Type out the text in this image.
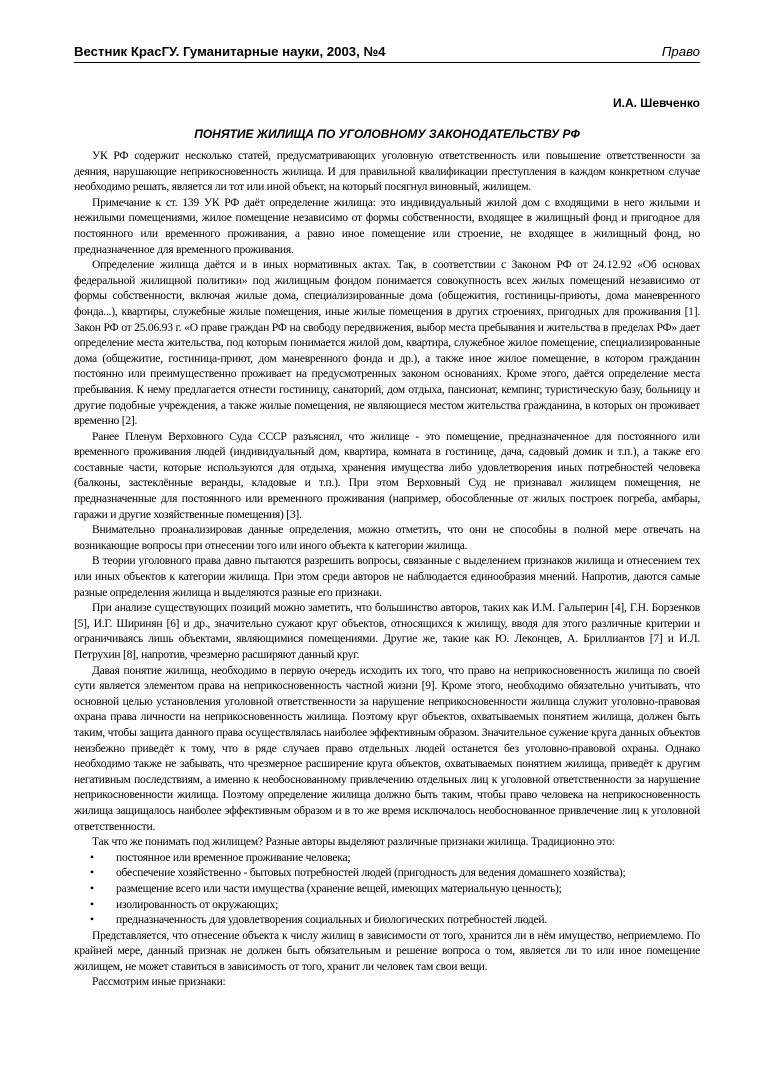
Вестник КрасГУ. Гуманитарные науки, 2003, №4	Право
И.А. Шевченко
ПОНЯТИЕ ЖИЛИЩА ПО УГОЛОВНОМУ ЗАКОНОДАТЕЛЬСТВУ РФ

УК РФ содержит несколько статей, предусматривающих уголовную ответственность или повышение ответственности за деяния, нарушающие неприкосновенность жилища. И для правильной квалификации преступления в каждом конкретном случае необходимо решать, является ли тот или иной объект, на который посягнул виновный, жилищем.

Примечание к ст. 139 УК РФ даёт определение жилища: это индивидуальный жилой дом с входящими в него жилыми и нежилыми помещениями, жилое помещение независимо от формы собственности, входящее в жилищный фонд и пригодное для постоянного или временного проживания, а равно иное помещение или строение, не входящее в жилищный фонд, но предназначенное для временного проживания.

Определение жилища даётся и в иных нормативных актах. Так, в соответствии с Законом РФ от 24.12.92 «Об основах федеральной жилищной политики» под жилищным фондом понимается совокупность всех жилых помещений независимо от формы собственности, включая жилые дома, специализированные дома (общежития, гостиницы-приюты, дома маневренного фонда...), квартиры, служебные жилые помещения, иные жилые помещения в других строениях, пригодных для проживания [1]. Закон РФ от 25.06.93 г. «О праве граждан РФ на свободу передвижения, выбор места пребывания и жительства в пределах РФ» дает определение места жительства, под которым понимается жилой дом, квартира, служебное жилое помещение, специализированные дома (общежитие, гостиница-приют, дом маневренного фонда и др.), а также иное жилое помещение, в котором гражданин постоянно или преимущественно проживает на предусмотренных законом основаниях. Кроме этого, даётся определение места пребывания. К нему предлагается отнести гостиницу, санаторий, дом отдыха, пансионат, кемпинг, туристическую базу, больницу и другие подобные учреждения, а также жилые помещения, не являющиеся местом жительства гражданина, в которых он проживает временно [2].

Ранее Пленум Верховного Суда СССР разъяснял, что жилище - это помещение, предназначенное для постоянного или временного проживания людей (индивидуальный дом, квартира, комната в гостинице, дача, садовый домик и т.п.), а также его составные части, которые используются для отдыха, хранения имущества либо удовлетворения иных потребностей человека (балконы, застеклённые веранды, кладовые и т.п.). При этом Верховный Суд не признавал жилищем помещения, не предназначенные для постоянного или временного проживания (например, обособленные от жилых построек погреба, амбары, гаражи и другие хозяйственные помещения) [3].

Внимательно проанализировав данные определения, можно отметить, что они не способны в полной мере отвечать на возникающие вопросы при отнесении того или иного объекта к категории жилища.

В теории уголовного права давно пытаются разрешить вопросы, связанные с выделением признаков жилища и отнесением тех или иных объектов к категории жилища. При этом среди авторов не наблюдается единообразия мнений. Напротив, даются самые разные определения жилища и выделяются разные его признаки.

При анализе существующих позиций можно заметить, что большинство авторов, таких как И.М. Гальперин [4], Г.Н. Борзенков [5], И.Г. Ширинян [6] и др., значительно сужают круг объектов, относящихся к жилищу, вводя для этого различные критерии и ограничиваясь лишь объектами, являющимися помещениями. Другие же, такие как Ю. Леконцев, А. Бриллиантов [7] и И.Л. Петрухин [8], напротив, чрезмерно расширяют данный круг.

Давая понятие жилища, необходимо в первую очередь исходить их того, что право на неприкосновенность жилища по своей сути является элементом права на неприкосновенность частной жизни [9]. Кроме этого, необходимо обязательно учитывать, что основной целью установления уголовной ответственности за нарушение неприкосновенности жилища служит уголовно-правовая охрана права личности на неприкосновенность жилища. Поэтому круг объектов, охватываемых понятием жилища, должен быть таким, чтобы защита данного права осуществлялась наиболее эффективным образом. Значительное сужение круга данных объектов неизбежно приведёт к тому, что в ряде случаев право отдельных людей останется без уголовно-правовой охраны. Однако необходимо также не забывать, что чрезмерное расширение круга объектов, охватываемых понятием жилища, приведёт к другим негативным последствиям, а именно к необоснованному привлечению отдельных лиц к уголовной ответственности за нарушение неприкосновенности жилища. Поэтому определение жилища должно быть таким, чтобы право человека на неприкосновенность жилища защищалось наиболее эффективным образом и в то же время исключалось необоснованное привлечение лиц к уголовной ответственности.

Так что же понимать под жилищем? Разные авторы выделяют различные признаки жилища. Традиционно это:

• постоянное или временное проживание человека;
• обеспечение хозяйственно - бытовых потребностей людей (пригодность для ведения домашнего хозяйства);
• размещение всего или части имущества (хранение вещей, имеющих материальную ценность);
• изолированность от окружающих;
• предназначенность для удовлетворения социальных и биологических потребностей людей.

Представляется, что отнесение объекта к числу жилищ в зависимости от того, хранится ли в нём имущество, неприемлемо. По крайней мере, данный признак не должен быть обязательным и решение вопроса о том, является ли то или иное помещение жилищем, не может ставиться в зависимость от того, хранит ли человек там свои вещи.

Рассмотрим иные признаки:
